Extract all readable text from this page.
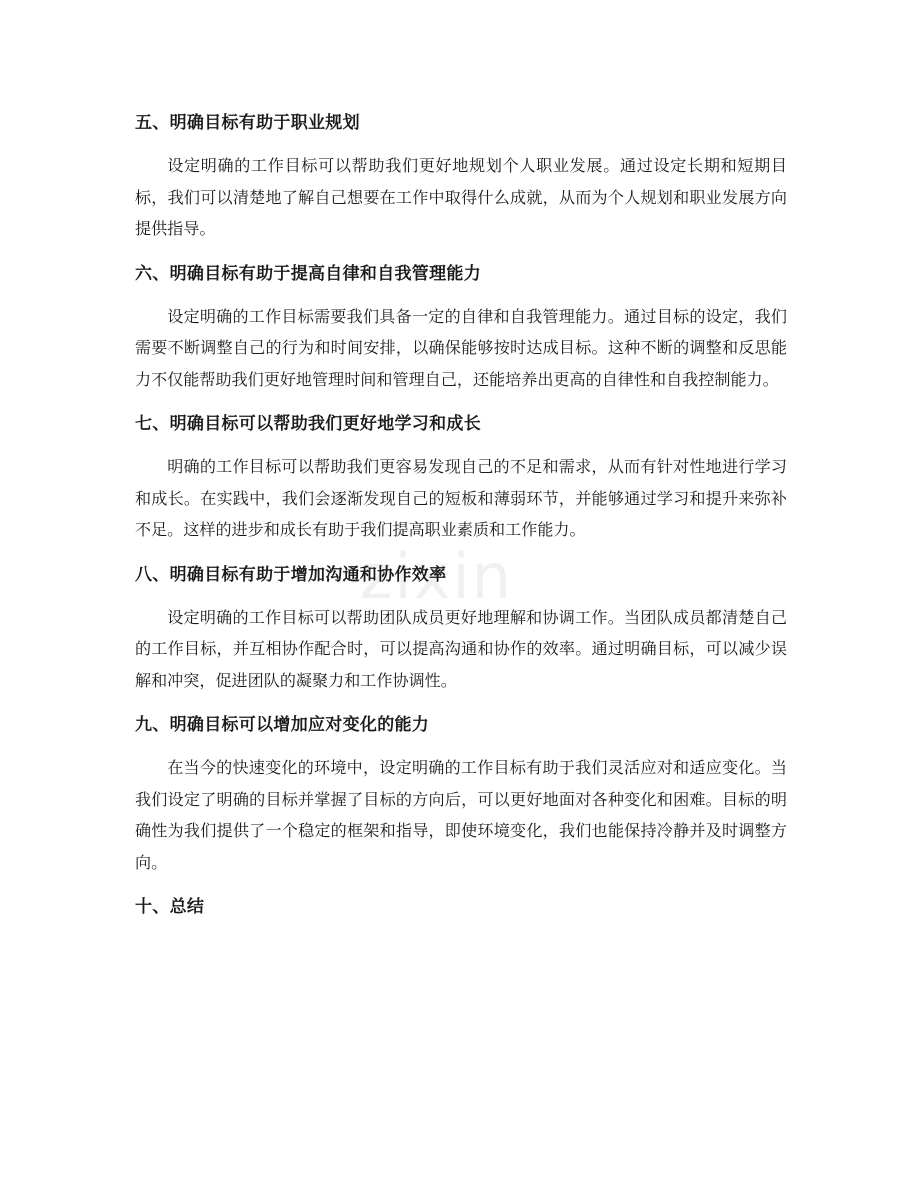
zixin
五、明确目标有助于职业规划

设定明确的工作目标可以帮助我们更好地规划个人职业发展。通过设定长期和短期目标，我们可以清楚地了解自己想要在工作中取得什么成就，从而为个人规划和职业发展方向提供指导。

六、明确目标有助于提高自律和自我管理能力

设定明确的工作目标需要我们具备一定的自律和自我管理能力。通过目标的设定，我们需要不断调整自己的行为和时间安排，以确保能够按时达成目标。这种不断的调整和反思能力不仅能帮助我们更好地管理时间和管理自己，还能培养出更高的自律性和自我控制能力。

七、明确目标可以帮助我们更好地学习和成长

明确的工作目标可以帮助我们更容易发现自己的不足和需求，从而有针对性地进行学习和成长。在实践中，我们会逐渐发现自己的短板和薄弱环节，并能够通过学习和提升来弥补不足。这样的进步和成长有助于我们提高职业素质和工作能力。

八、明确目标有助于增加沟通和协作效率

设定明确的工作目标可以帮助团队成员更好地理解和协调工作。当团队成员都清楚自己的工作目标，并互相协作配合时，可以提高沟通和协作的效率。通过明确目标，可以减少误解和冲突，促进团队的凝聚力和工作协调性。

九、明确目标可以增加应对变化的能力

在当今的快速变化的环境中，设定明确的工作目标有助于我们灵活应对和适应变化。当我们设定了明确的目标并掌握了目标的方向后，可以更好地面对各种变化和困难。目标的明确性为我们提供了一个稳定的框架和指导，即使环境变化，我们也能保持冷静并及时调整方向。

十、总结
